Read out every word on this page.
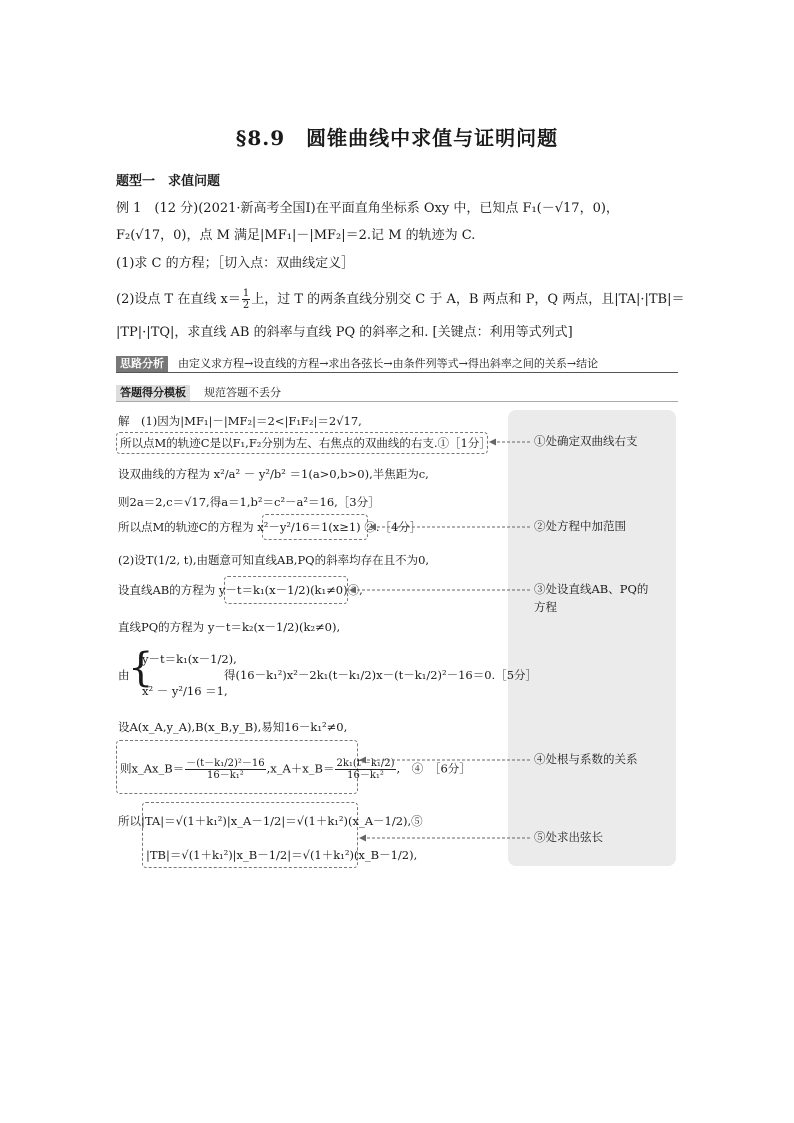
§8.9　圆锥曲线中求值与证明问题
题型一　求值问题
例 1　(12 分)(2021·新高考全国Ⅰ)在平面直角坐标系 Oxy 中，已知点 F₁(－√17，0)，
F₂(√17，0)，点 M 满足|MF₁|－|MF₂|＝2.记 M 的轨迹为 C.
(1)求 C 的方程；［切入点：双曲线定义］
(2)设点 T 在直线 $x= \frac{1}{2}$ 上，过 T 的两条直线分别交 C 于 A，B 两点和 P，Q 两点，且|TA|·|TB|＝
|TP|·|TQ|，求直线 AB 的斜率与直线 PQ 的斜率之和. [关键点：利用等式列式]
思路分析	由定义求方程→设直线的方程→求出各弦长→由条件列等式→得出斜率之间的关系→结论
答题得分模板	规范答题不丢分
解　(1)因为|MF₁|－|MF₂|＝2<|F₁F₂|＝2√17,
所以点M的轨迹C是以F₁,F₂分别为左、右焦点的双曲线的右支.①［1分］
设双曲线的方程为 x²/a² － y²/b² ＝1(a>0,b>0),半焦距为c,
则2a＝2,c＝√17,得a＝1,b²＝c²－a²＝16,［3分］
所以点M的轨迹C的方程为 x²－y²/16＝1(x≥1) ②.［4分］
(2)设T(1/2, t),由题意可知直线AB,PQ的斜率均存在且不为0,
设直线AB的方程为 y－t＝k₁(x－1/2)(k₁≠0)③,
直线PQ的方程为 y－t＝k₂(x－1/2)(k₂≠0),
由
{
y－t＝k₁(x－1/2),
x² － y²/16 ＝1,
得(16－k₁²)x²－2k₁(t－k₁/2)x－(t－k₁/2)²－16＝0.［5分］
设A(x_A,y_A),B(x_B,y_B),易知16－k₁²≠0,
则x_Ax_B＝ $\frac{\text{－(t－k₁/2)²－16}}{\text{16－k₁²}}$ ,x_A＋x_B＝ $\frac{\text{2k₁(t－k₁/2)}}{\text{16－k₁²}}$ ,　④　［6分］
所以|TA|＝√(1＋k₁²)|x_A－1/2|＝√(1＋k₁²)(x_A－1/2),⑤
|TB|＝√(1＋k₁²)|x_B－1/2|＝√(1＋k₁²)(x_B－1/2),
①处确定双曲线右支
②处方程中加范围
③处设直线AB、PQ的
方程
④处根与系数的关系
⑤处求出弦长
